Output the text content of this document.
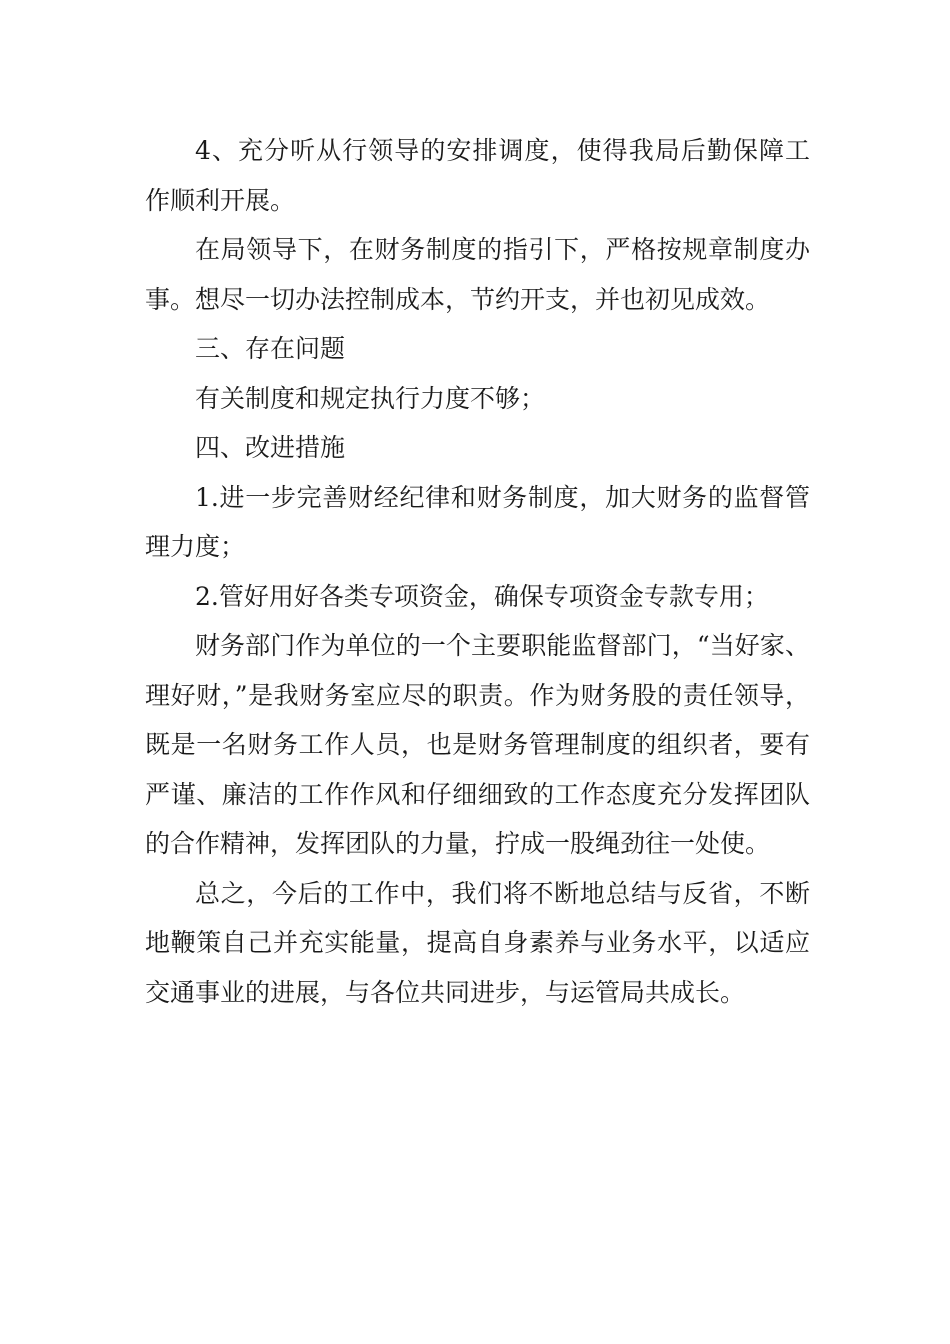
4、充分听从行领导的安排调度，使得我局后勤保障工作顺利开展。

在局领导下，在财务制度的指引下，严格按规章制度办事。想尽一切办法控制成本，节约开支，并也初见成效。

三、存在问题

有关制度和规定执行力度不够；

四、改进措施

1.进一步完善财经纪律和财务制度，加大财务的监督管理力度；

2.管好用好各类专项资金，确保专项资金专款专用；

财务部门作为单位的一个主要职能监督部门，“当好家、理好财，”是我财务室应尽的职责。作为财务股的责任领导，既是一名财务工作人员，也是财务管理制度的组织者，要有严谨、廉洁的工作作风和仔细细致的工作态度充分发挥团队的合作精神，发挥团队的力量，拧成一股绳劲往一处使。

总之，今后的工作中，我们将不断地总结与反省，不断地鞭策自己并充实能量，提高自身素养与业务水平，以适应交通事业的进展，与各位共同进步，与运管局共成长。
